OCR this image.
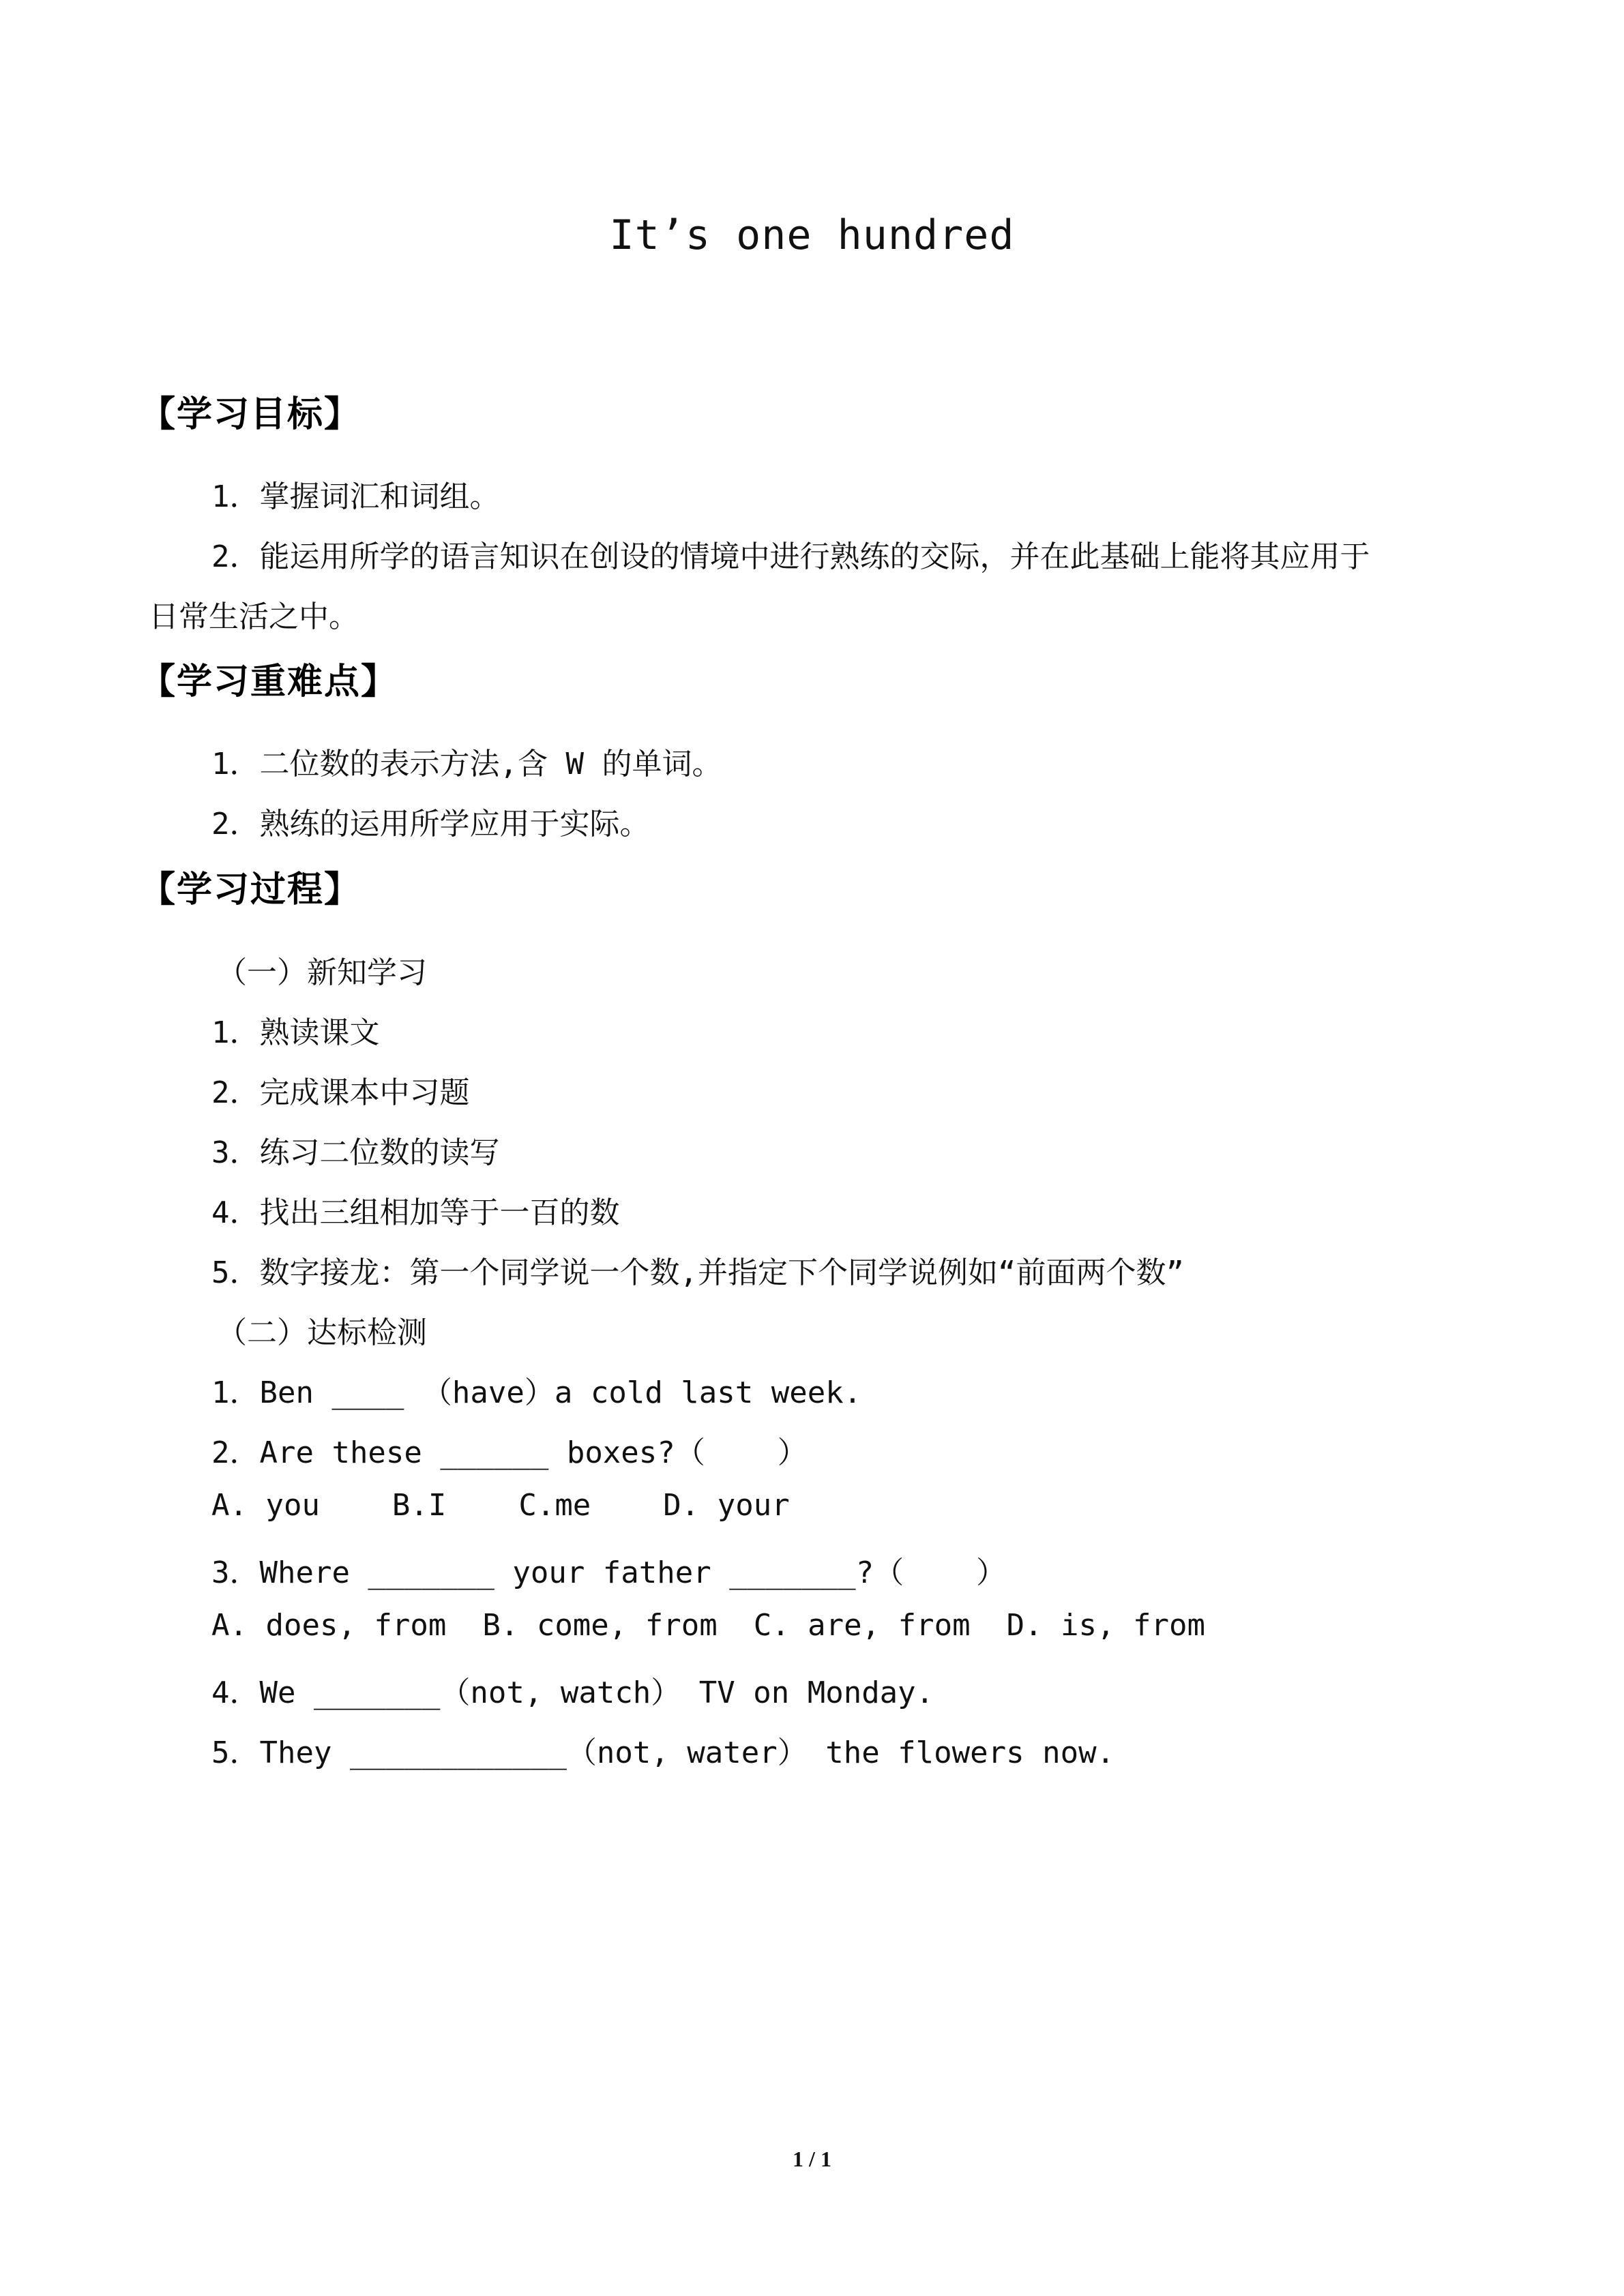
It’s one hundred
【学习目标】
1．掌握词汇和词组。
2．能运用所学的语言知识在创设的情境中进行熟练的交际，并在此基础上能将其应用于
日常生活之中。
【学习重难点】
1．二位数的表示方法,含 W 的单词。
2．熟练的运用所学应用于实际。
【学习过程】
（一）新知学习
1．熟读课文
2．完成课本中习题
3．练习二位数的读写
4．找出三组相加等于一百的数
5．数字接龙：第一个同学说一个数,并指定下个同学说例如“前面两个数”
（二）达标检测
1．Ben ____ （have）a cold last week.
2．Are these ______ boxes?（    ）
A. you    B.I    C.me    D. your
3．Where _______ your father _______?（    ）
A. does, from  B. come, from  C. are, from  D. is, from
4．We _______（not, watch） TV on Monday.
5．They ____________（not, water） the flowers now.
1 / 1
